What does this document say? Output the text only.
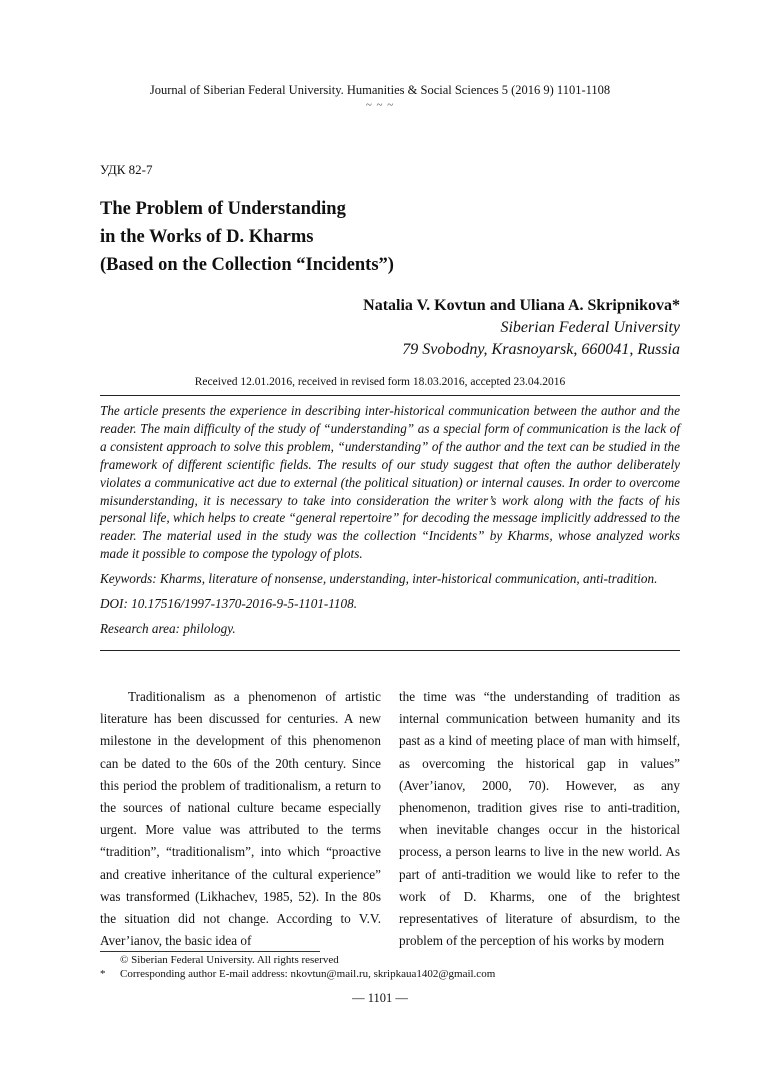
Journal of Siberian Federal University. Humanities & Social Sciences 5 (2016 9) 1101-1108
~ ~ ~
УДК 82-7
The Problem of Understanding
in the Works of D. Kharms
(Based on the Collection “Incidents”)
Natalia V. Kovtun and Uliana A. Skripnikova*
Siberian Federal University
79 Svobodny, Krasnoyarsk, 660041, Russia
Received 12.01.2016, received in revised form 18.03.2016, accepted 23.04.2016

The article presents the experience in describing inter-historical communication between the author and the reader. The main difficulty of the study of “understanding” as a special form of communication is the lack of a consistent approach to solve this problem, “understanding” of the author and the text can be studied in the framework of different scientific fields. The results of our study suggest that often the author deliberately violates a communicative act due to external (the political situation) or internal causes. In order to overcome misunderstanding, it is necessary to take into consideration the writer’s work along with the facts of his personal life, which helps to create “general repertoire” for decoding the message implicitly addressed to the reader. The material used in the study was the collection “Incidents” by Kharms, whose analyzed works made it possible to compose the typology of plots.

Keywords: Kharms, literature of nonsense, understanding, inter-historical communication, anti-tradition.

DOI: 10.17516/1997-1370-2016-9-5-1101-1108.

Research area: philology.

Traditionalism as a phenomenon of artistic literature has been discussed for centuries. A new milestone in the development of this phenomenon can be dated to the 60s of the 20th century. Since this period the problem of traditionalism, a return to the sources of national culture became especially urgent. More value was attributed to the terms “tradition”, “traditionalism”, into which “proactive and creative inheritance of the cultural experience” was transformed (Likhachev, 1985, 52). In the 80s the situation did not change. According to V.V. Aver’ianov, the basic idea of

the time was “the understanding of tradition as internal communication between humanity and its past as a kind of meeting place of man with himself, as overcoming the historical gap in values” (Aver’ianov, 2000, 70). However, as any phenomenon, tradition gives rise to anti-tradition, when inevitable changes occur in the historical process, a person learns to live in the new world. As part of anti-tradition we would like to refer to the work of D. Kharms, one of the brightest representatives of literature of absurdism, to the problem of the perception of his works by modern

© Siberian Federal University. All rights reserved
* Corresponding author E-mail address: nkovtun@mail.ru, skripkaua1402@gmail.com
— 1101 —
